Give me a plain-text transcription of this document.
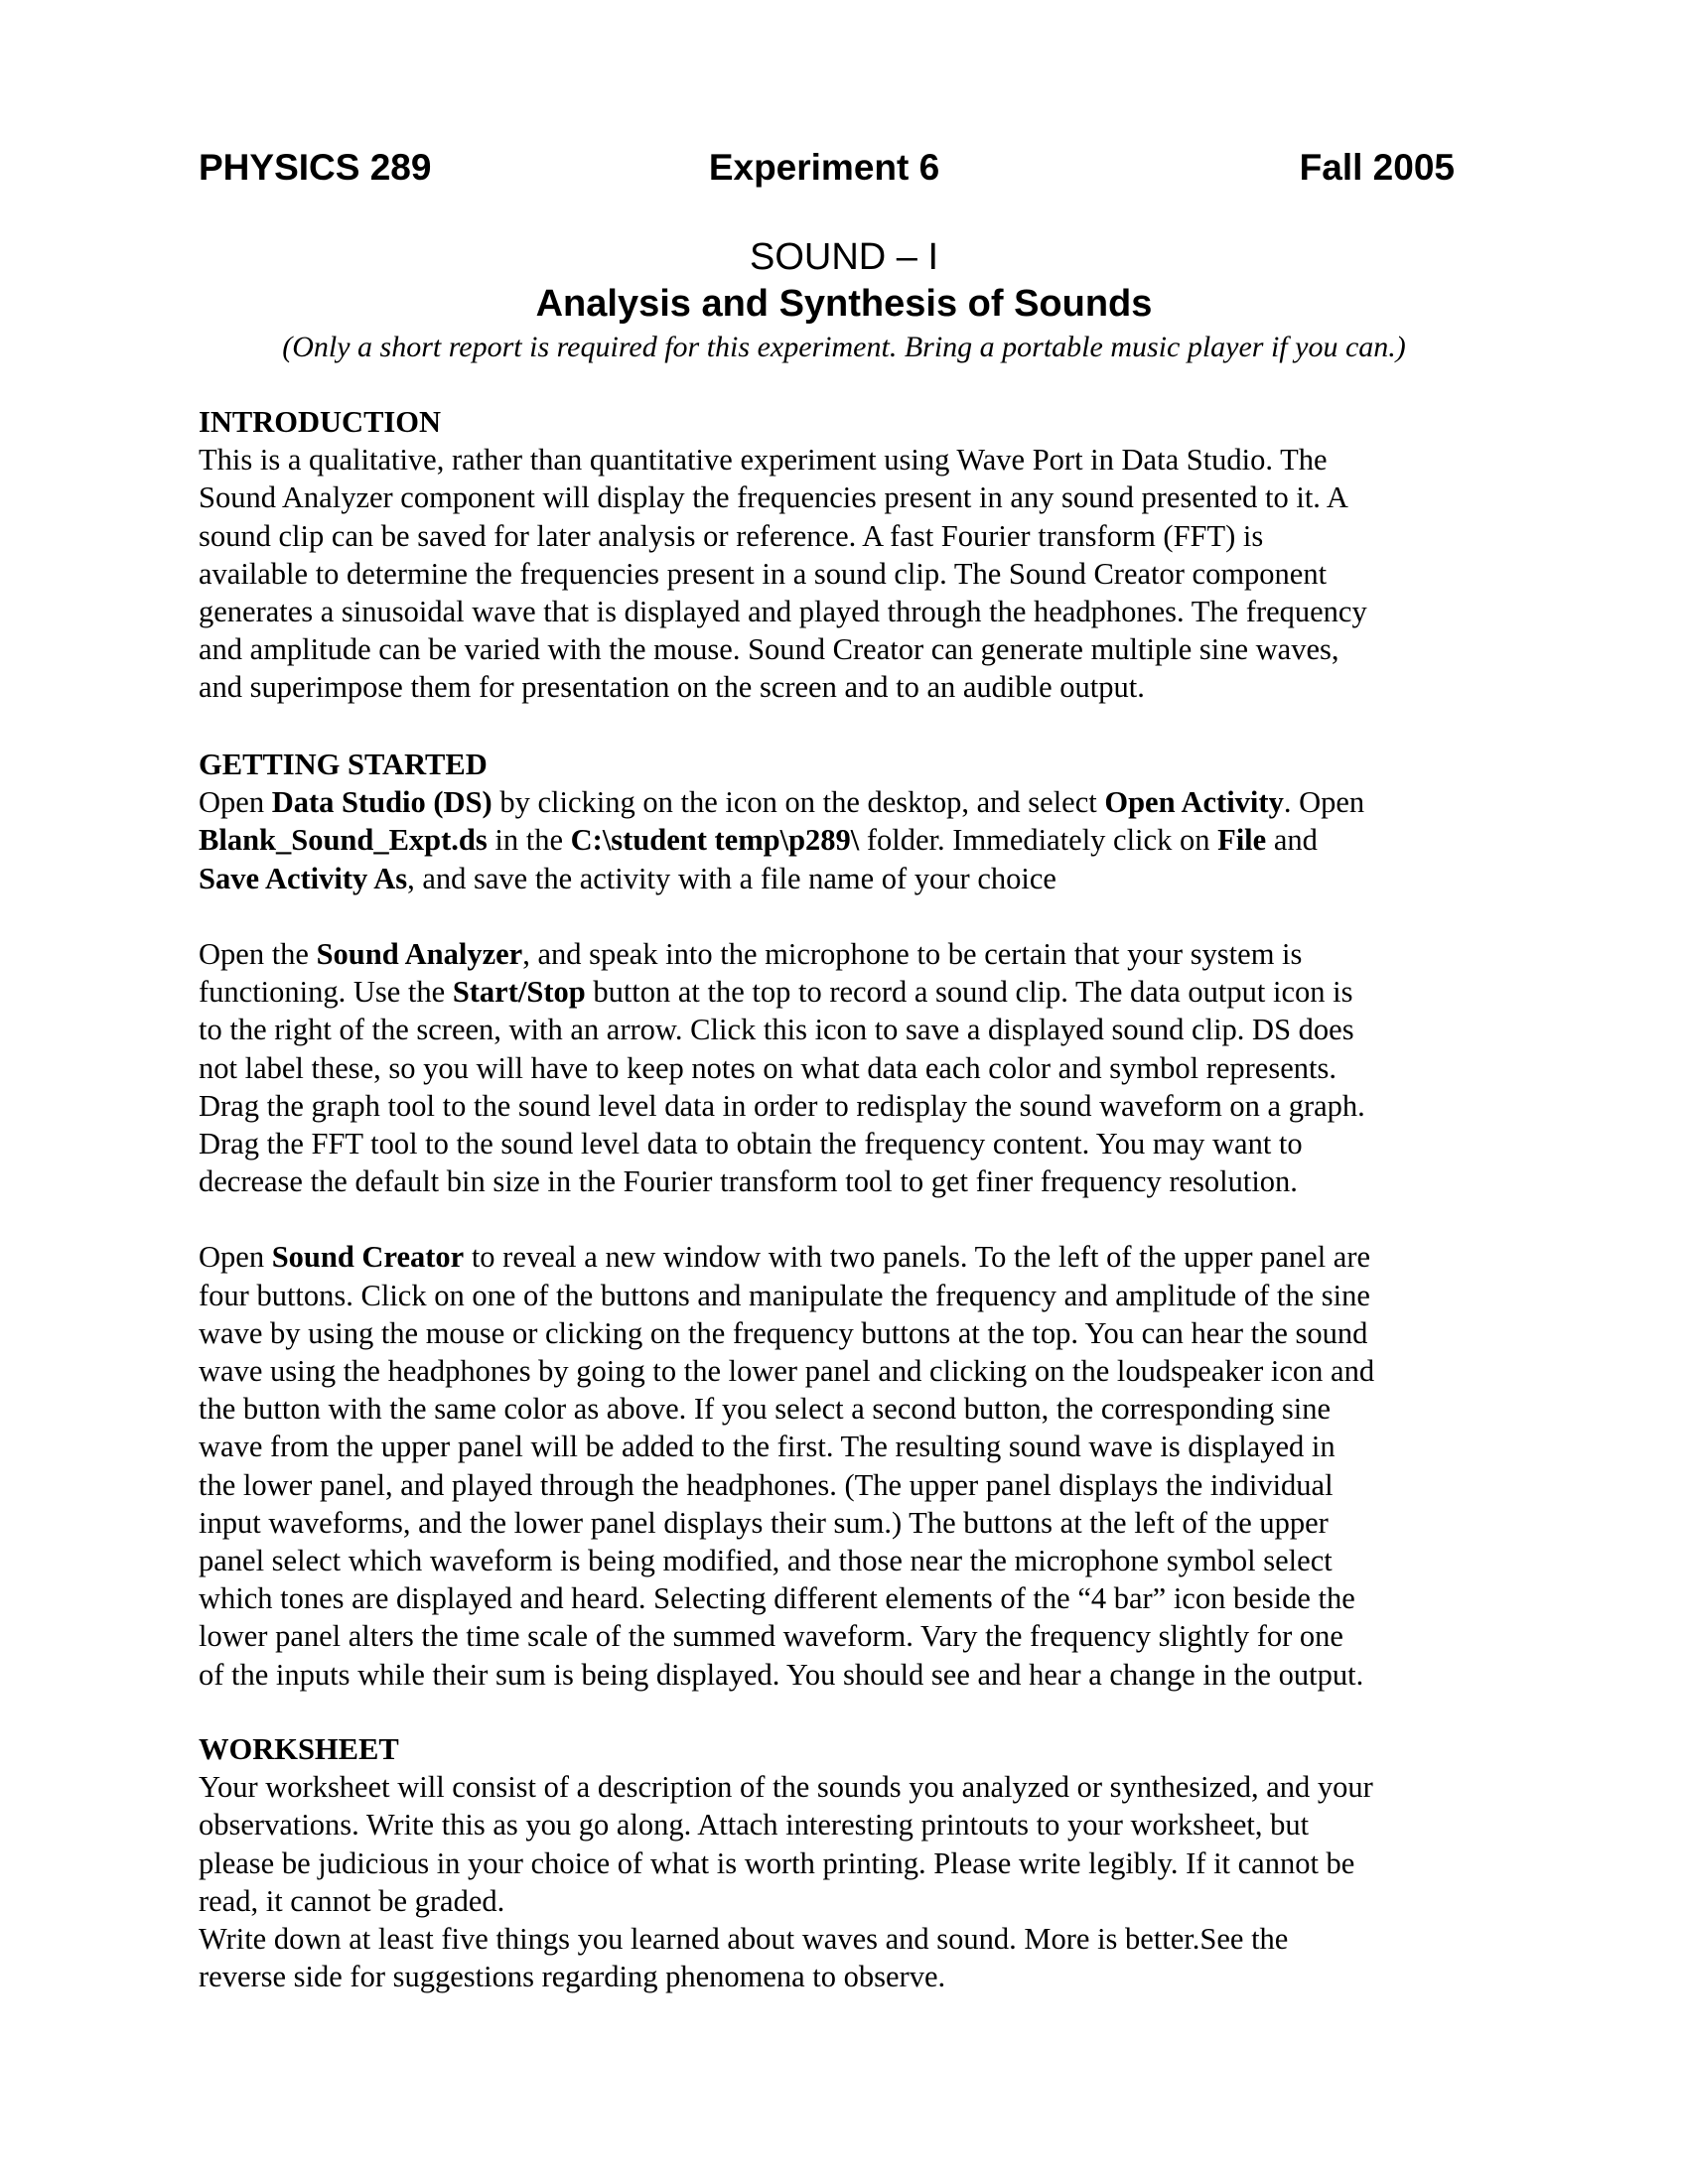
PHYSICS 289	Experiment 6	Fall 2005
SOUND – I
Analysis and Synthesis of Sounds
(Only a short report is required for this experiment. Bring a portable music player if you can.)
INTRODUCTION
This is a qualitative, rather than quantitative experiment using Wave Port in Data Studio. The
Sound Analyzer component will display the frequencies present in any sound presented to it. A
sound clip can be saved for later analysis or reference. A fast Fourier transform (FFT) is
available to determine the frequencies present in a sound clip. The Sound Creator component
generates a sinusoidal wave that is displayed and played through the headphones. The frequency
and amplitude can be varied with the mouse. Sound Creator can generate multiple sine waves,
and superimpose them for presentation on the screen and to an audible output.
GETTING STARTED
Open Data Studio (DS) by clicking on the icon on the desktop, and select Open Activity. Open
Blank_Sound_Expt.ds in the C:\student temp\p289\ folder. Immediately click on File and
Save Activity As, and save the activity with a file name of your choice
Open the Sound Analyzer, and speak into the microphone to be certain that your system is
functioning. Use the Start/Stop button at the top to record a sound clip. The data output icon is
to the right of the screen, with an arrow. Click this icon to save a displayed sound clip. DS does
not label these, so you will have to keep notes on what data each color and symbol represents.
Drag the graph tool to the sound level data in order to redisplay the sound waveform on a graph.
Drag the FFT tool to the sound level data to obtain the frequency content. You may want to
decrease the default bin size in the Fourier transform tool to get finer frequency resolution.
Open Sound Creator to reveal a new window with two panels. To the left of the upper panel are
four buttons. Click on one of the buttons and manipulate the frequency and amplitude of the sine
wave by using the mouse or clicking on the frequency buttons at the top. You can hear the sound
wave using the headphones by going to the lower panel and clicking on the loudspeaker icon and
the button with the same color as above. If you select a second button, the corresponding sine
wave from the upper panel will be added to the first. The resulting sound wave is displayed in
the lower panel, and played through the headphones. (The upper panel displays the individual
input waveforms, and the lower panel displays their sum.) The buttons at the left of the upper
panel select which waveform is being modified, and those near the microphone symbol select
which tones are displayed and heard. Selecting different elements of the “4 bar” icon beside the
lower panel alters the time scale of the summed waveform. Vary the frequency slightly for one
of the inputs while their sum is being displayed. You should see and hear a change in the output.
WORKSHEET
Your worksheet will consist of a description of the sounds you analyzed or synthesized, and your
observations. Write this as you go along. Attach interesting printouts to your worksheet, but
please be judicious in your choice of what is worth printing. Please write legibly. If it cannot be
read, it cannot be graded.
Write down at least five things you learned about waves and sound. More is better.See the
reverse side for suggestions regarding phenomena to observe.
